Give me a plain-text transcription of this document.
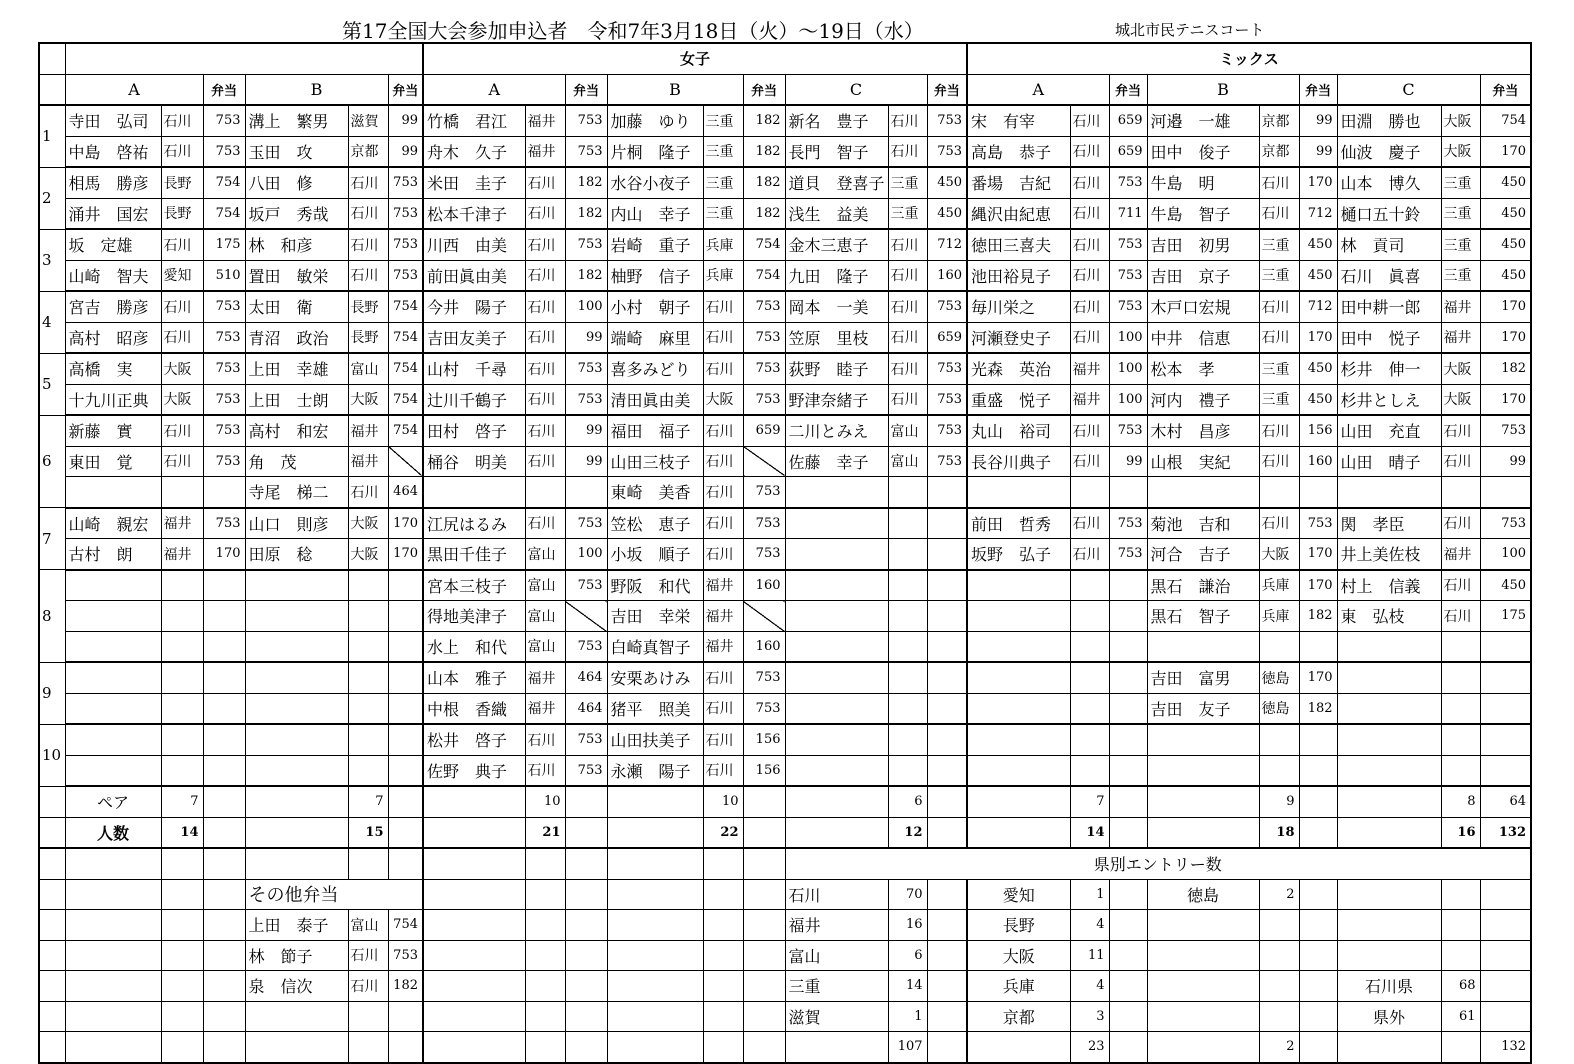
第17全国大会参加申込者　令和7年3月18日（火）～19日（水）	城北市民テニスコート
							女子									ミックス								
	A		弁当	B		弁当	A		弁当	B		弁当	C		弁当	A		弁当	B		弁当	C		弁当
1	寺田　弘司	石川	753	溝上　繁男	滋賀	99	竹橋　君江	福井	753	加藤　ゆり	三重	182	新名　豊子	石川	753	宋　有宰	石川	659	河邉　一雄	京都	99	田淵　勝也	大阪	754
	中島　啓祐	石川	753	玉田　攻	京都	99	舟木　久子	福井	753	片桐　隆子	三重	182	長門　智子	石川	753	高島　恭子	石川	659	田中　俊子	京都	99	仙波　慶子	大阪	170
2	相馬　勝彦	長野	754	八田　修	石川	753	米田　圭子	石川	182	水谷小夜子	三重	182	道貝　登喜子	三重	450	番場　吉紀	石川	753	牛島　明	石川	170	山本　博久	三重	450
	涌井　国宏	長野	754	坂戸　秀哉	石川	753	松本千津子	石川	182	内山　幸子	三重	182	浅生　益美	三重	450	縄沢由紀恵	石川	711	牛島　智子	石川	712	樋口五十鈴	三重	450
3	坂　定雄	石川	175	林　和彦	石川	753	川西　由美	石川	753	岩崎　重子	兵庫	754	金木三恵子	石川	712	徳田三喜夫	石川	753	吉田　初男	三重	450	林　貢司	三重	450
	山崎　智夫	愛知	510	置田　敏栄	石川	753	前田眞由美	石川	182	柚野　信子	兵庫	754	九田　隆子	石川	160	池田裕見子	石川	753	吉田　京子	三重	450	石川　眞喜	三重	450
4	宮吉　勝彦	石川	753	太田　衛	長野	754	今井　陽子	石川	100	小村　朝子	石川	753	岡本　一美	石川	753	毎川栄之	石川	753	木戸口宏規	石川	712	田中耕一郎	福井	170
	高村　昭彦	石川	753	青沼　政治	長野	754	吉田友美子	石川	99	端崎　麻里	石川	753	笠原　里枝	石川	659	河瀬登史子	石川	100	中井　信恵	石川	170	田中　悦子	福井	170
5	高橋　実	大阪	753	上田　幸雄	富山	754	山村　千尋	石川	753	喜多みどり	石川	753	荻野　睦子	石川	753	光森　英治	福井	100	松本　孝	三重	450	杉井　伸一	大阪	182
	十九川正典	大阪	753	上田　士朗	大阪	754	辻川千鶴子	石川	753	清田眞由美	大阪	753	野津奈緒子	石川	753	重盛　悦子	福井	100	河内　禮子	三重	450	杉井としえ	大阪	170
6	新藤　實	石川	753	高村　和宏	福井	754	田村　啓子	石川	99	福田　福子	石川	659	二川とみえ	富山	753	丸山　裕司	石川	753	木村　昌彦	石川	156	山田　充直	石川	753
	東田　覚	石川	753	角　茂	福井		桶谷　明美	石川	99	山田三枝子	石川		佐藤　幸子	富山	753	長谷川典子	石川	99	山根　実紀	石川	160	山田　晴子	石川	99
				寺尾　梯二	石川	464				東崎　美香	石川	753												
7	山崎　親宏	福井	753	山口　則彦	大阪	170	江尻はるみ	石川	753	笠松　恵子	石川	753				前田　哲秀	石川	753	菊池　吉和	石川	753	関　孝臣	石川	753
	古村　朗	福井	170	田原　稔	大阪	170	黒田千佳子	富山	100	小坂　順子	石川	753				坂野　弘子	石川	753	河合　吉子	大阪	170	井上美佐枝	福井	100
8							宮本三枝子	富山	753	野阪　和代	福井	160							黒石　謙治	兵庫	170	村上　信義	石川	450
							得地美津子	富山		吉田　幸栄	福井								黒石　智子	兵庫	182	東　弘枝	石川	175
							水上　和代	富山	753	白崎真智子	福井	160												
9							山本　雅子	福井	464	安栗あけみ	石川	753							吉田　富男	徳島	170			
							中根　香織	福井	464	猪平　照美	石川	753							吉田　友子	徳島	182			
10							松井　啓子	石川	753	山田扶美子	石川	156												
							佐野　典子	石川	753	永瀬　陽子	石川	156												
	ペア	7			7			10			10			6			7			9			8	64
	人数	14			15			21			22			12			14			18			16	132
													県別エントリー数											
				その他弁当									石川	70		愛知	1		徳島	2				
				上田　泰子	富山	754							福井	16		長野	4							
				林　節子	石川	753							富山	6		大阪	11							
				泉　信次	石川	182							三重	14		兵庫	4					石川県	68	
													滋賀	1		京都	3					県外	61	
														107			23			2				132
